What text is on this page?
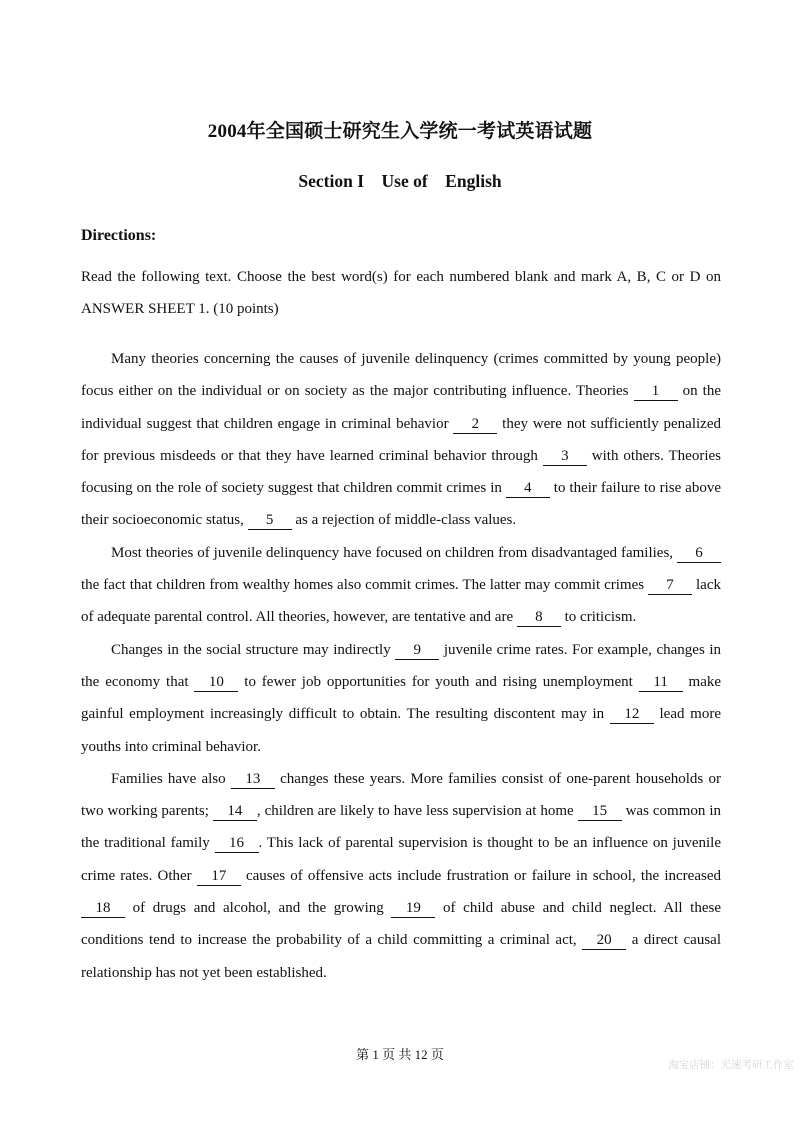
2004年全国硕士研究生入学统一考试英语试题
Section I    Use of    English
Directions:
Read the following text. Choose the best word(s) for each numbered blank and mark A, B, C or D on ANSWER SHEET 1. (10 points)

Many theories concerning the causes of juvenile delinquency (crimes committed by young people) focus either on the individual or on society as the major contributing influence. Theories 1 on the individual suggest that children engage in criminal behavior 2 they were not sufficiently penalized for previous misdeeds or that they have learned criminal behavior through 3 with others. Theories focusing on the role of society suggest that children commit crimes in 4 to their failure to rise above their socioeconomic status, 5 as a rejection of middle-class values.

Most theories of juvenile delinquency have focused on children from disadvantaged families, 6 the fact that children from wealthy homes also commit crimes. The latter may commit crimes 7 lack of adequate parental control. All theories, however, are tentative and are 8 to criticism.

Changes in the social structure may indirectly 9 juvenile crime rates. For example, changes in the economy that 10 to fewer job opportunities for youth and rising unemployment 11 make gainful employment increasingly difficult to obtain. The resulting discontent may in 12 lead more youths into criminal behavior.

Families have also 13 changes these years. More families consist of one-parent households or two working parents; 14 , children are likely to have less supervision at home 15 was common in the traditional family 16 . This lack of parental supervision is thought to be an influence on juvenile crime rates. Other 17 causes of offensive acts include frustration or failure in school, the increased 18 of drugs and alcohol, and the growing 19 of child abuse and child neglect. All these conditions tend to increase the probability of a child committing a criminal act, 20 a direct causal relationship has not yet been established.

第 1 页 共 12 页
淘宝店铺：光速考研工作室
